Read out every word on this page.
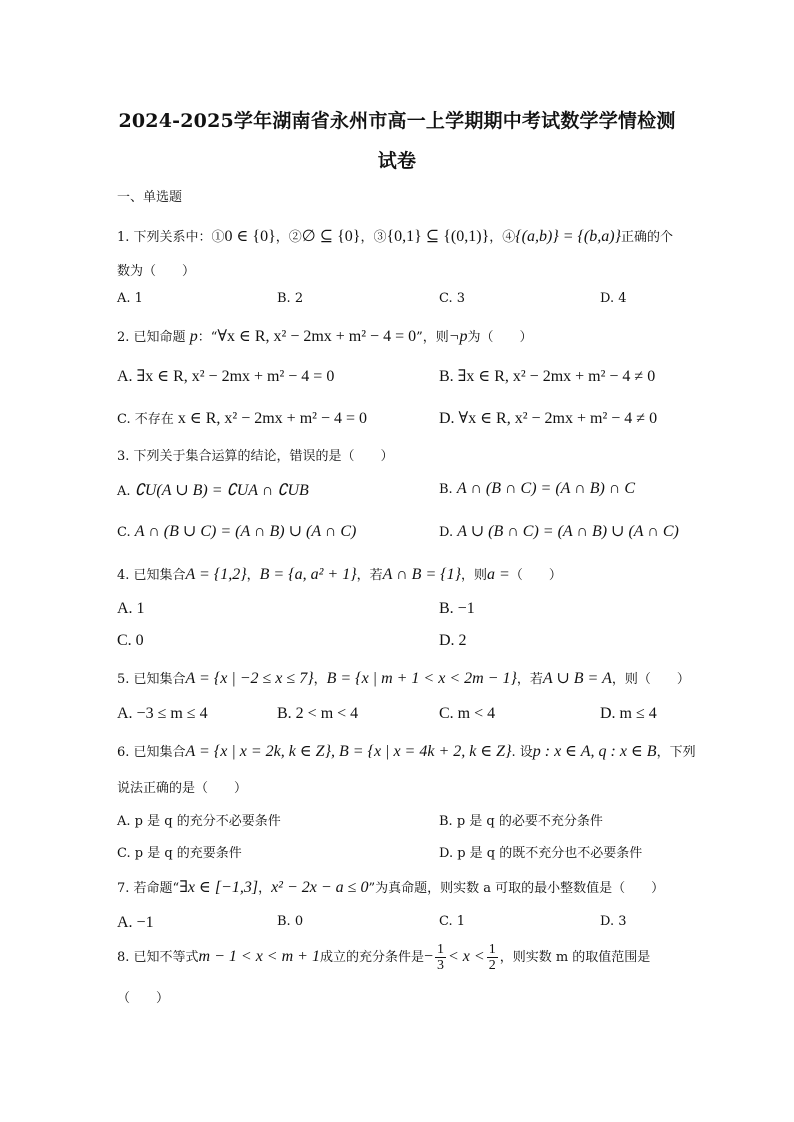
2024-2025学年湖南省永州市高一上学期期中考试数学学情检测
试卷
一、单选题
1. 下列关系中：①0 ∈ {0}，②∅ ⊆ {0}，③{0,1} ⊆ {(0,1)}，④{(a,b)} = {(b,a)}正确的个
数为（　　）
A. 1	B. 2	C. 3	D. 4
2. 已知命题 p：“∀x ∈ R, x² − 2mx + m² − 4 = 0”，则¬p为（　　）
A. ∃x ∈ R, x² − 2mx + m² − 4 = 0	B. ∃x ∈ R, x² − 2mx + m² − 4 ≠ 0
C. 不存在 x ∈ R, x² − 2mx + m² − 4 = 0	D. ∀x ∈ R, x² − 2mx + m² − 4 ≠ 0
3. 下列关于集合运算的结论，错误的是（　　）
A. ∁U(A ∪ B) = ∁UA ∩ ∁UB	B. A ∩ (B ∩ C) = (A ∩ B) ∩ C
C. A ∩ (B ∪ C) = (A ∩ B) ∪ (A ∩ C)	D. A ∪ (B ∩ C) = (A ∩ B) ∪ (A ∩ C)
4. 已知集合A = {1,2}，B = {a, a² + 1}，若A ∩ B = {1}，则a =（　　）
A. 1	B. −1
C. 0	D. 2
5. 已知集合A = {x | −2 ≤ x ≤ 7}，B = {x | m + 1 < x < 2m − 1}，若A ∪ B = A，则（　　）
A. −3 ≤ m ≤ 4	B. 2 < m < 4	C. m < 4	D. m ≤ 4
6. 已知集合A = {x | x = 2k, k ∈ Z}, B = {x | x = 4k + 2, k ∈ Z}. 设p : x ∈ A, q : x ∈ B，下列
说法正确的是（　　）
A. p 是 q 的充分不必要条件	B. p 是 q 的必要不充分条件
C. p 是 q 的充要条件	D. p 是 q 的既不充分也不必要条件
7. 若命题“∃x ∈ [−1,3]，x² − 2x − a ≤ 0”为真命题，则实数 a 可取的最小整数值是（　　）
A. −1	B. 0	C. 1	D. 3
8. 已知不等式m − 1 < x < m + 1成立的充分条件是− $\frac{1}{3} < x < \frac{1}{2}$ ，则实数 m 的取值范围是
（　　）
